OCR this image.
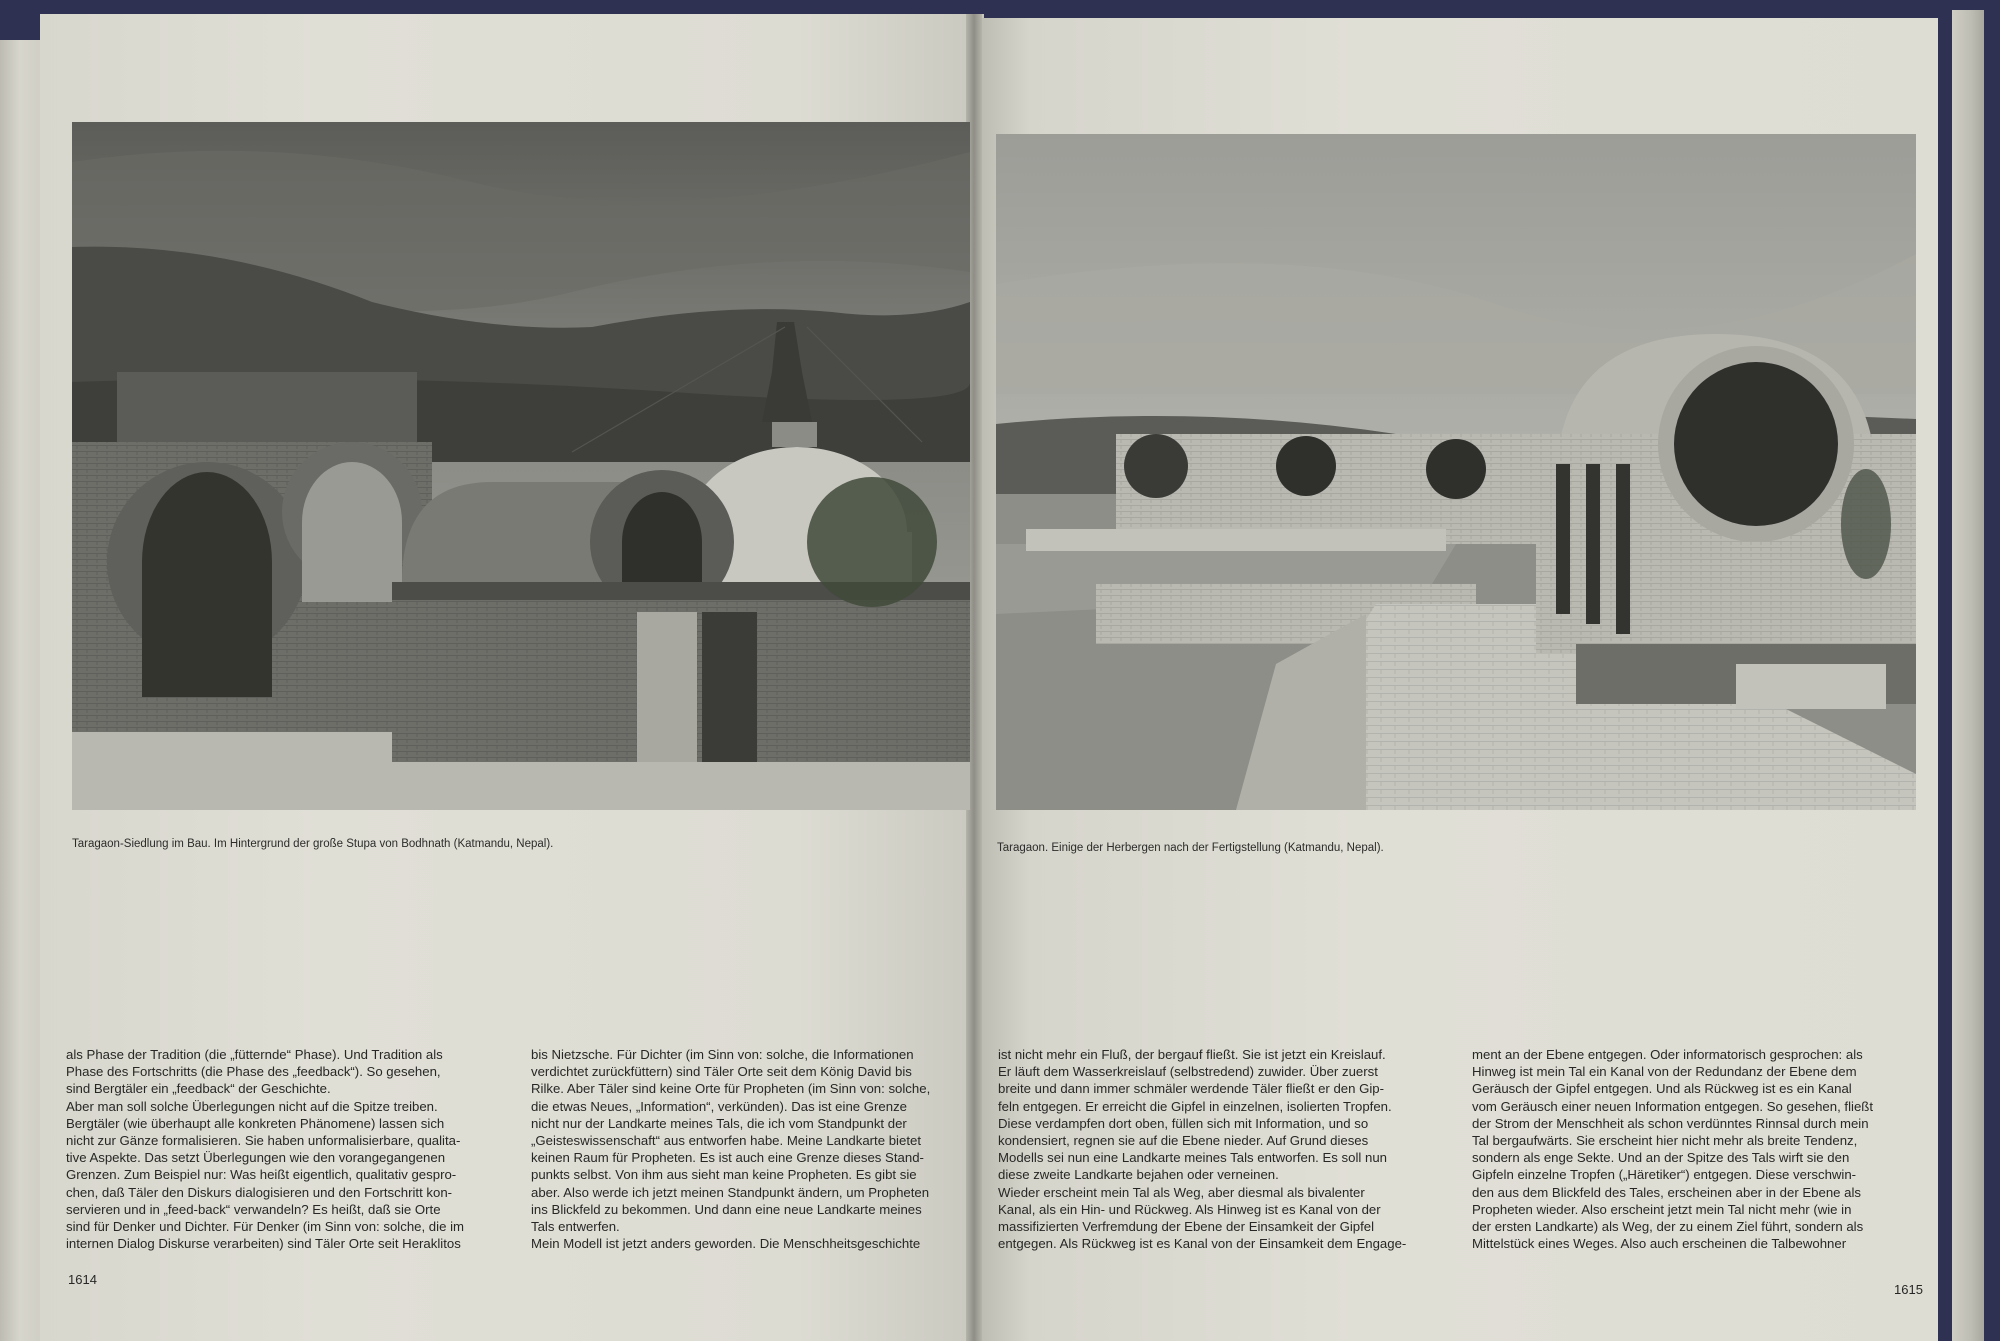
Taragaon-Siedlung im Bau. Im Hintergrund der große Stupa von Bodhnath (Katmandu, Nepal).	Taragaon. Einige der Herbergen nach der Fertigstellung (Katmandu, Nepal).

als Phase der Tradition (die „fütternde“ Phase). Und Tradition als

Phase des Fortschritts (die Phase des „feedback“). So gesehen,

sind Bergtäler ein „feedback“ der Geschichte.

Aber man soll solche Überlegungen nicht auf die Spitze treiben.

Bergtäler (wie überhaupt alle konkreten Phänomene) lassen sich

nicht zur Gänze formalisieren. Sie haben unformalisierbare, qualita-

tive Aspekte. Das setzt Überlegungen wie den vorangegangenen

Grenzen. Zum Beispiel nur: Was heißt eigentlich, qualitativ gespro-

chen, daß Täler den Diskurs dialogisieren und den Fortschritt kon-

servieren und in „feed-back“ verwandeln? Es heißt, daß sie Orte

sind für Denker und Dichter. Für Denker (im Sinn von: solche, die im

internen Dialog Diskurse verarbeiten) sind Täler Orte seit Heraklitos

bis Nietzsche. Für Dichter (im Sinn von: solche, die Informationen

verdichtet zurückfüttern) sind Täler Orte seit dem König David bis

Rilke. Aber Täler sind keine Orte für Propheten (im Sinn von: solche,

die etwas Neues, „Information“, verkünden). Das ist eine Grenze

nicht nur der Landkarte meines Tals, die ich vom Standpunkt der

„Geisteswissenschaft“ aus entworfen habe. Meine Landkarte bietet

keinen Raum für Propheten. Es ist auch eine Grenze dieses Stand-

punkts selbst. Von ihm aus sieht man keine Propheten. Es gibt sie

aber. Also werde ich jetzt meinen Standpunkt ändern, um Propheten

ins Blickfeld zu bekommen. Und dann eine neue Landkarte meines

Tals entwerfen.

Mein Modell ist jetzt anders geworden. Die Menschheitsgeschichte

ist nicht mehr ein Fluß, der bergauf fließt. Sie ist jetzt ein Kreislauf.

Er läuft dem Wasserkreislauf (selbstredend) zuwider. Über zuerst

breite und dann immer schmäler werdende Täler fließt er den Gip-

feln entgegen. Er erreicht die Gipfel in einzelnen, isolierten Tropfen.

Diese verdampfen dort oben, füllen sich mit Information, und so

kondensiert, regnen sie auf die Ebene nieder. Auf Grund dieses

Modells sei nun eine Landkarte meines Tals entworfen. Es soll nun

diese zweite Landkarte bejahen oder verneinen.

Wieder erscheint mein Tal als Weg, aber diesmal als bivalenter

Kanal, als ein Hin- und Rückweg. Als Hinweg ist es Kanal von der

massifizierten Verfremdung der Ebene der Einsamkeit der Gipfel

entgegen. Als Rückweg ist es Kanal von der Einsamkeit dem Engage-

ment an der Ebene entgegen. Oder informatorisch gesprochen: als

Hinweg ist mein Tal ein Kanal von der Redundanz der Ebene dem

Geräusch der Gipfel entgegen. Und als Rückweg ist es ein Kanal

vom Geräusch einer neuen Information entgegen. So gesehen, fließt

der Strom der Menschheit als schon verdünntes Rinnsal durch mein

Tal bergaufwärts. Sie erscheint hier nicht mehr als breite Tendenz,

sondern als enge Sekte. Und an der Spitze des Tals wirft sie den

Gipfeln einzelne Tropfen („Häretiker“) entgegen. Diese verschwin-

den aus dem Blickfeld des Tales, erscheinen aber in der Ebene als

Propheten wieder. Also erscheint jetzt mein Tal nicht mehr (wie in

der ersten Landkarte) als Weg, der zu einem Ziel führt, sondern als

Mittelstück eines Weges. Also auch erscheinen die Talbewohner

1614
1615
